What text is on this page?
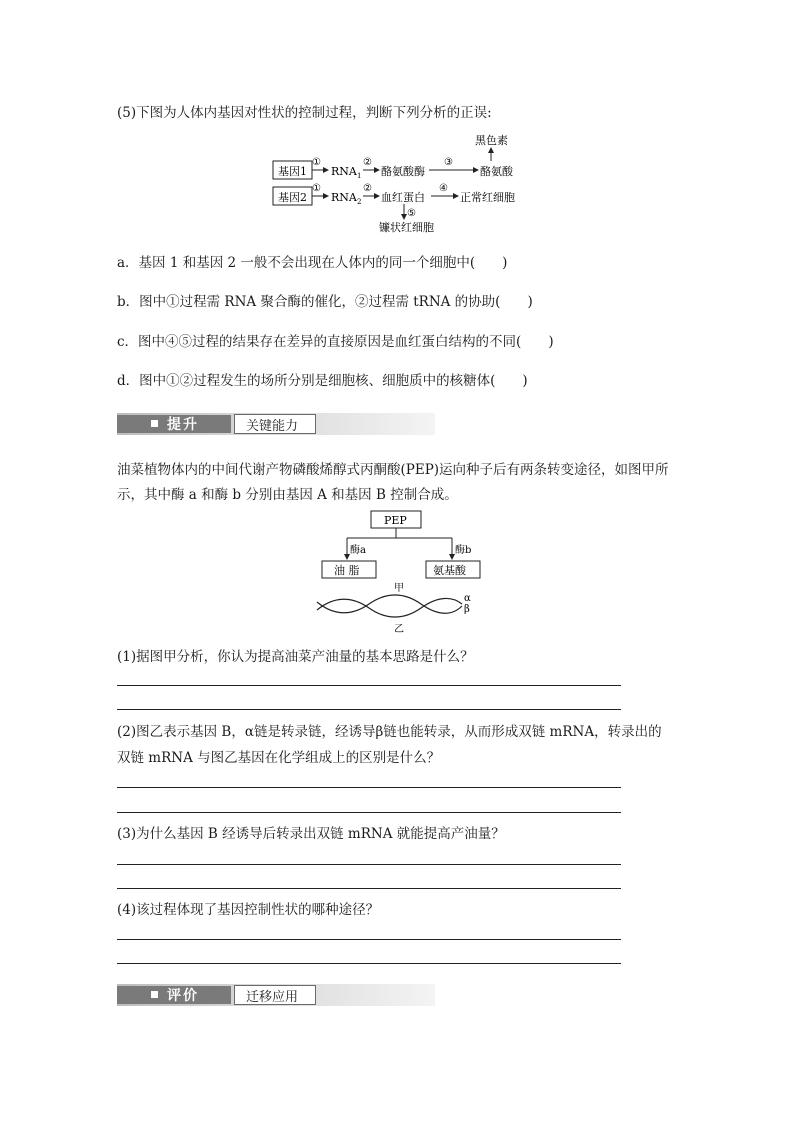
(5)下图为人体内基因对性状的控制过程，判断下列分析的正误:
基因1
基因2
①
RNA 1
②
酪氨酸酶
③
酪氨酸
黑色素
①
RNA 2
②
血红蛋白
④
正常红细胞
⑤
镰状红细胞
a．基因 1 和基因 2 一般不会出现在人体内的同一个细胞中(　　)
b．图中①过程需 RNA 聚合酶的催化，②过程需 tRNA 的协助(　　)
c．图中④⑤过程的结果存在差异的直接原因是血红蛋白结构的不同(　　)
d．图中①②过程发生的场所分别是细胞核、细胞质中的核糖体(　　)
提升	关键能力
油菜植物体内的中间代谢产物磷酸烯醇式丙酮酸(PEP)运向种子后有两条转变途径，如图甲所
示，其中酶 a 和酶 b 分别由基因 A 和基因 B 控制合成。
PEP
酶a	酶b
油 脂	氨基酸
甲
α
β
乙
(1)据图甲分析，你认为提高油菜产油量的基本思路是什么？
(2)图乙表示基因 B，α链是转录链，经诱导β链也能转录，从而形成双链 mRNA，转录出的
双链 mRNA 与图乙基因在化学组成上的区别是什么？
(3)为什么基因 B 经诱导后转录出双链 mRNA 就能提高产油量？
(4)该过程体现了基因控制性状的哪种途径？
评价	迁移应用
